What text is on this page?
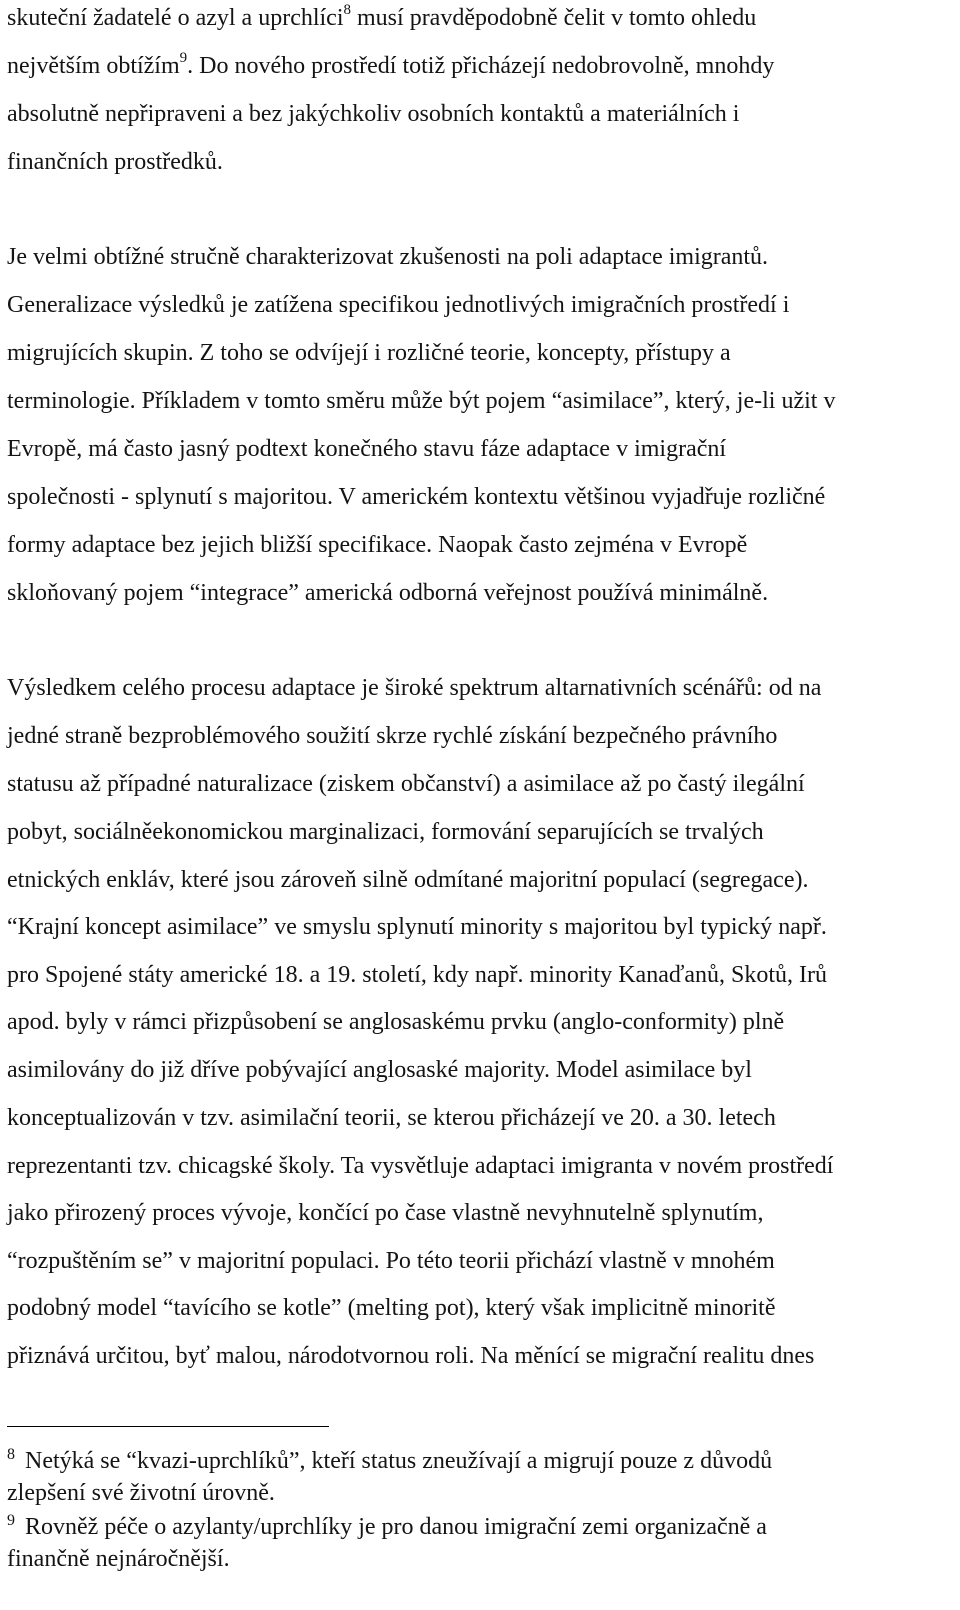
skuteční žadatelé o azyl a uprchlíci$^8$ musí pravděpodobně čelit v tomto ohledu
největším obtížím$^9$. Do nového prostředí totiž přicházejí nedobrovolně, mnohdy
absolutně nepřipraveni a bez jakýchkoliv osobních kontaktů a materiálních i
finančních prostředků.
Je velmi obtížné stručně charakterizovat zkušenosti na poli adaptace imigrantů.
Generalizace výsledků je zatížena specifikou jednotlivých imigračních prostředí i
migrujících skupin. Z toho se odvíjejí i rozličné teorie, koncepty, přístupy a
terminologie. Příkladem v tomto směru může být pojem “asimilace”, který, je-li užit v
Evropě, má často jasný podtext konečného stavu fáze adaptace v imigrační
společnosti - splynutí s majoritou. V americkém kontextu většinou vyjadřuje rozličné
formy adaptace bez jejich bližší specifikace. Naopak často zejména v Evropě
skloňovaný pojem “integrace” americká odborná veřejnost používá minimálně.
Výsledkem celého procesu adaptace je široké spektrum altarnativních scénářů: od na
jedné straně bezproblémového soužití skrze rychlé získání bezpečného právního
statusu až případné naturalizace (ziskem občanství) a asimilace až po častý ilegální
pobyt, sociálněekonomickou marginalizaci, formování separujících se trvalých
etnických enkláv, které jsou zároveň silně odmítané majoritní populací (segregace).
“Krajní koncept asimilace” ve smyslu splynutí minority s majoritou byl typický např.
pro Spojené státy americké 18. a 19. století, kdy např. minority Kanaďanů, Skotů, Irů
apod. byly v rámci přizpůsobení se anglosaskému prvku (anglo-conformity) plně
asimilovány do již dříve pobývající anglosaské majority. Model asimilace byl
konceptualizován v tzv. asimilační teorii, se kterou přicházejí ve 20. a 30. letech
reprezentanti tzv. chicagské školy. Ta vysvětluje adaptaci imigranta v novém prostředí
jako přirozený proces vývoje, končící po čase vlastně nevyhnutelně splynutím,
“rozpuštěním se” v majoritní populaci. Po této teorii přichází vlastně v mnohém
podobný model “tavícího se kotle” (melting pot), který však implicitně minoritě
přiznává určitou, byť malou, národotvornou roli. Na měnící se migrační realitu dnes
$^8$ Netýká se “kvazi-uprchlíků”, kteří status zneužívají a migrují pouze z důvodů
zlepšení své životní úrovně.
$^9$ Rovněž péče o azylanty/uprchlíky je pro danou imigrační zemi organizačně a
finančně nejnáročnější.
